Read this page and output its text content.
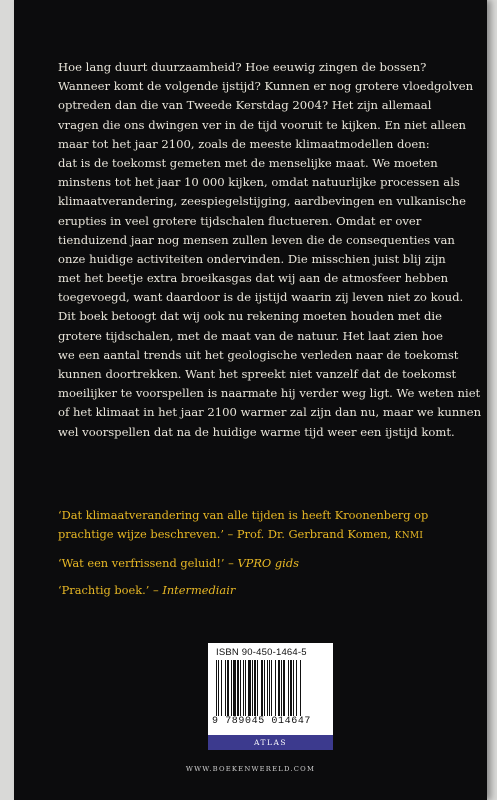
Hoe lang duurt duurzaamheid? Hoe eeuwig zingen de bossen?
Wanneer komt de volgende ijstijd? Kunnen er nog grotere vloedgolven
optreden dan die van Tweede Kerstdag 2004? Het zijn allemaal
vragen die ons dwingen ver in de tijd vooruit te kijken. En niet alleen
maar tot het jaar 2100, zoals de meeste klimaatmodellen doen:
dat is de toekomst gemeten met de menselijke maat. We moeten
minstens tot het jaar 10 000 kijken, omdat natuurlijke processen als
klimaatverandering, zeespiegelstijging, aardbevingen en vulkanische
erupties in veel grotere tijdschalen fluctueren. Omdat er over
tienduizend jaar nog mensen zullen leven die de consequenties van
onze huidige activiteiten ondervinden. Die misschien juist blij zijn
met het beetje extra broeikasgas dat wij aan de atmosfeer hebben
toegevoegd, want daardoor is de ijstijd waarin zij leven niet zo koud.
Dit boek betoogt dat wij ook nu rekening moeten houden met die
grotere tijdschalen, met de maat van de natuur. Het laat zien hoe
we een aantal trends uit het geologische verleden naar de toekomst
kunnen doortrekken. Want het spreekt niet vanzelf dat de toekomst
moeilijker te voorspellen is naarmate hij verder weg ligt. We weten niet
of het klimaat in het jaar 2100 warmer zal zijn dan nu, maar we kunnen
wel voorspellen dat na de huidige warme tijd weer een ijstijd komt.
‘Dat klimaatverandering van alle tijden is heeft Kroonenberg op
prachtige wijze beschreven.’ – Prof. Dr. Gerbrand Komen, KNMI
‘Wat een verfrissend geluid!’ – VPRO gids
‘Prachtig boek.’ – Intermediair
ISBN 90-450-1464-5
9 789045 014647
ATLAS
WWW.BOEKENWERELD.COM
